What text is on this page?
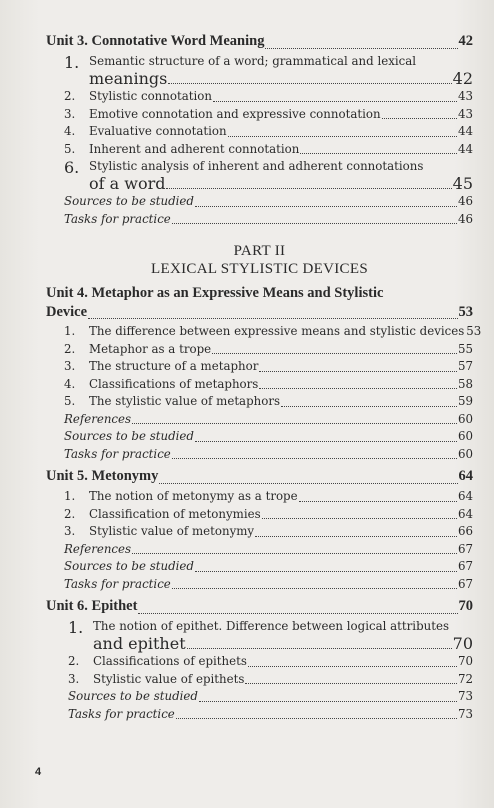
Unit 3. Connotative Word Meaning	42
1. Semantic structure of a word; grammatical and lexical
meanings	42
2.	Stylistic connotation	43
3.	Emotive connotation and expressive connotation	43
4.	Evaluative connotation	44
5.	Inherent and adherent connotation	44
6. Stylistic analysis of inherent and adherent connotations
of a word	45
Sources to be studied	46
Tasks for practice	46
PART II
LEXICAL STYLISTIC DEVICES
Unit 4. Metaphor as an Expressive Means and Stylistic
Device	53
1.	The difference between expressive means and stylistic devices 53
2.	Metaphor as a trope	55
3.	The structure of a metaphor	57
4.	Classifications of metaphors	58
5.	The stylistic value of metaphors	59
References	60
Sources to be studied	60
Tasks for practice	60
Unit 5. Metonymy	64
1.	The notion of metonymy as a trope	64
2.	Classification of metonymies	64
3.	Stylistic value of metonymy	66
References	67
Sources to be studied	67
Tasks for practice	67
Unit 6. Epithet	70
1. The notion of epithet. Difference between logical attributes
and epithet	70
2.	Classifications of epithets	70
3.	Stylistic value of epithets	72
Sources to be studied	73
Tasks for practice	73
4
